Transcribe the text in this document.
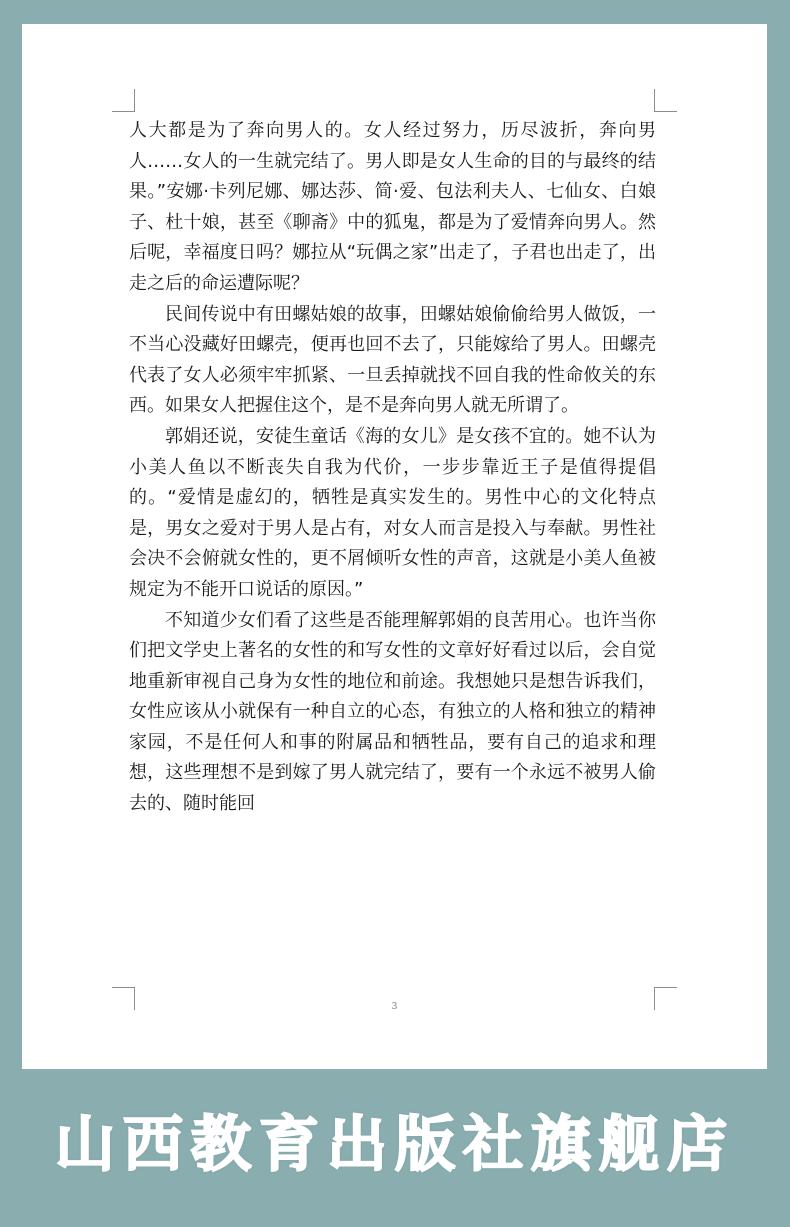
人大都是为了奔向男人的。女人经过努力，历尽波折，奔向男人……女人的一生就完结了。男人即是女人生命的目的与最终的结果。”安娜·卡列尼娜、娜达莎、简·爱、包法利夫人、七仙女、白娘子、杜十娘，甚至《聊斋》中的狐鬼，都是为了爱情奔向男人。然后呢，幸福度日吗？娜拉从“玩偶之家”出走了，子君也出走了，出走之后的命运遭际呢？

民间传说中有田螺姑娘的故事，田螺姑娘偷偷给男人做饭，一不当心没藏好田螺壳，便再也回不去了，只能嫁给了男人。田螺壳代表了女人必须牢牢抓紧、一旦丢掉就找不回自我的性命攸关的东西。如果女人把握住这个，是不是奔向男人就无所谓了。

郭娟还说，安徒生童话《海的女儿》是女孩不宜的。她不认为小美人鱼以不断丧失自我为代价，一步步靠近王子是值得提倡的。“爱情是虚幻的，牺牲是真实发生的。男性中心的文化特点是，男女之爱对于男人是占有，对女人而言是投入与奉献。男性社会决不会俯就女性的，更不屑倾听女性的声音，这就是小美人鱼被规定为不能开口说话的原因。”

不知道少女们看了这些是否能理解郭娟的良苦用心。也许当你们把文学史上著名的女性的和写女性的文章好好看过以后，会自觉地重新审视自己身为女性的地位和前途。我想她只是想告诉我们，女性应该从小就保有一种自立的心态，有独立的人格和独立的精神家园，不是任何人和事的附属品和牺牲品，要有自己的追求和理想，这些理想不是到嫁了男人就完结了，要有一个永远不被男人偷去的、随时能回

3
山西教育出版社旗舰店
